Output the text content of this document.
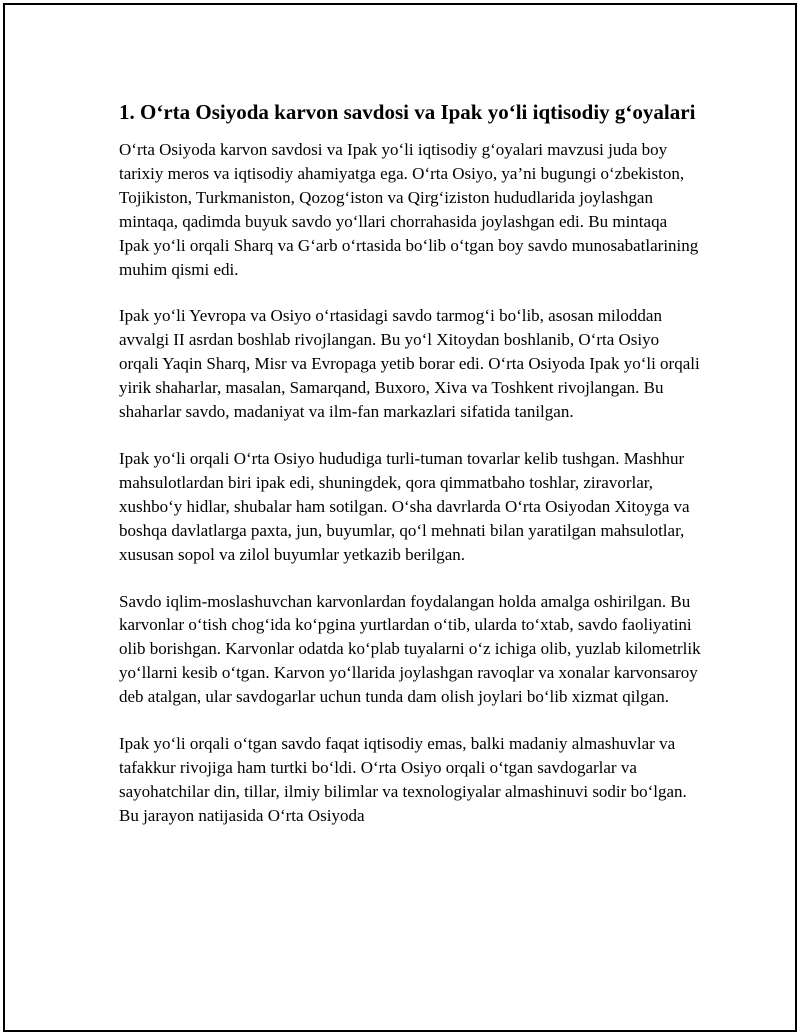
1. O‘rta Osiyoda karvon savdosi va Ipak yo‘li iqtisodiy g‘oyalari

O‘rta Osiyoda karvon savdosi va Ipak yo‘li iqtisodiy g‘oyalari mavzusi juda boy tarixiy meros va iqtisodiy ahamiyatga ega. O‘rta Osiyo, ya’ni bugungi o‘zbekiston, Tojikiston, Turkmaniston, Qozog‘iston va Qirg‘iziston hududlarida joylashgan mintaqa, qadimda buyuk savdo yo‘llari chorrahasida joylashgan edi. Bu mintaqa Ipak yo‘li orqali Sharq va G‘arb o‘rtasida bo‘lib o‘tgan boy savdo munosabatlarining muhim qismi edi.

Ipak yo‘li Yevropa va Osiyo o‘rtasidagi savdo tarmog‘i bo‘lib, asosan miloddan avvalgi II asrdan boshlab rivojlangan. Bu yo‘l Xitoydan boshlanib, O‘rta Osiyo orqali Yaqin Sharq, Misr va Evropaga yetib borar edi. O‘rta Osiyoda Ipak yo‘li orqali yirik shaharlar, masalan, Samarqand, Buxoro, Xiva va Toshkent rivojlangan. Bu shaharlar savdo, madaniyat va ilm-fan markazlari sifatida tanilgan.

Ipak yo‘li orqali O‘rta Osiyo hududiga turli-tuman tovarlar kelib tushgan. Mashhur mahsulotlardan biri ipak edi, shuningdek, qora qimmatbaho toshlar, ziravorlar, xushbo‘y hidlar, shubalar ham sotilgan. O‘sha davrlarda O‘rta Osiyodan Xitoyga va boshqa davlatlarga paxta, jun, buyumlar, qo‘l mehnati bilan yaratilgan mahsulotlar, xususan sopol va zilol buyumlar yetkazib berilgan.

Savdo iqlim-moslashuvchan karvonlardan foydalangan holda amalga oshirilgan. Bu karvonlar o‘tish chog‘ida ko‘pgina yurtlardan o‘tib, ularda to‘xtab, savdo faoliyatini olib borishgan. Karvonlar odatda ko‘plab tuyalarni o‘z ichiga olib, yuzlab kilometrlik yo‘llarni kesib o‘tgan. Karvon yo‘llarida joylashgan ravoqlar va xonalar karvonsaroy deb atalgan, ular savdogarlar uchun tunda dam olish joylari bo‘lib xizmat qilgan.

Ipak yo‘li orqali o‘tgan savdo faqat iqtisodiy emas, balki madaniy almashuvlar va tafakkur rivojiga ham turtki bo‘ldi. O‘rta Osiyo orqali o‘tgan savdogarlar va sayohatchilar din, tillar, ilmiy bilimlar va texnologiyalar almashinuvi sodir bo‘lgan. Bu jarayon natijasida O‘rta Osiyoda
